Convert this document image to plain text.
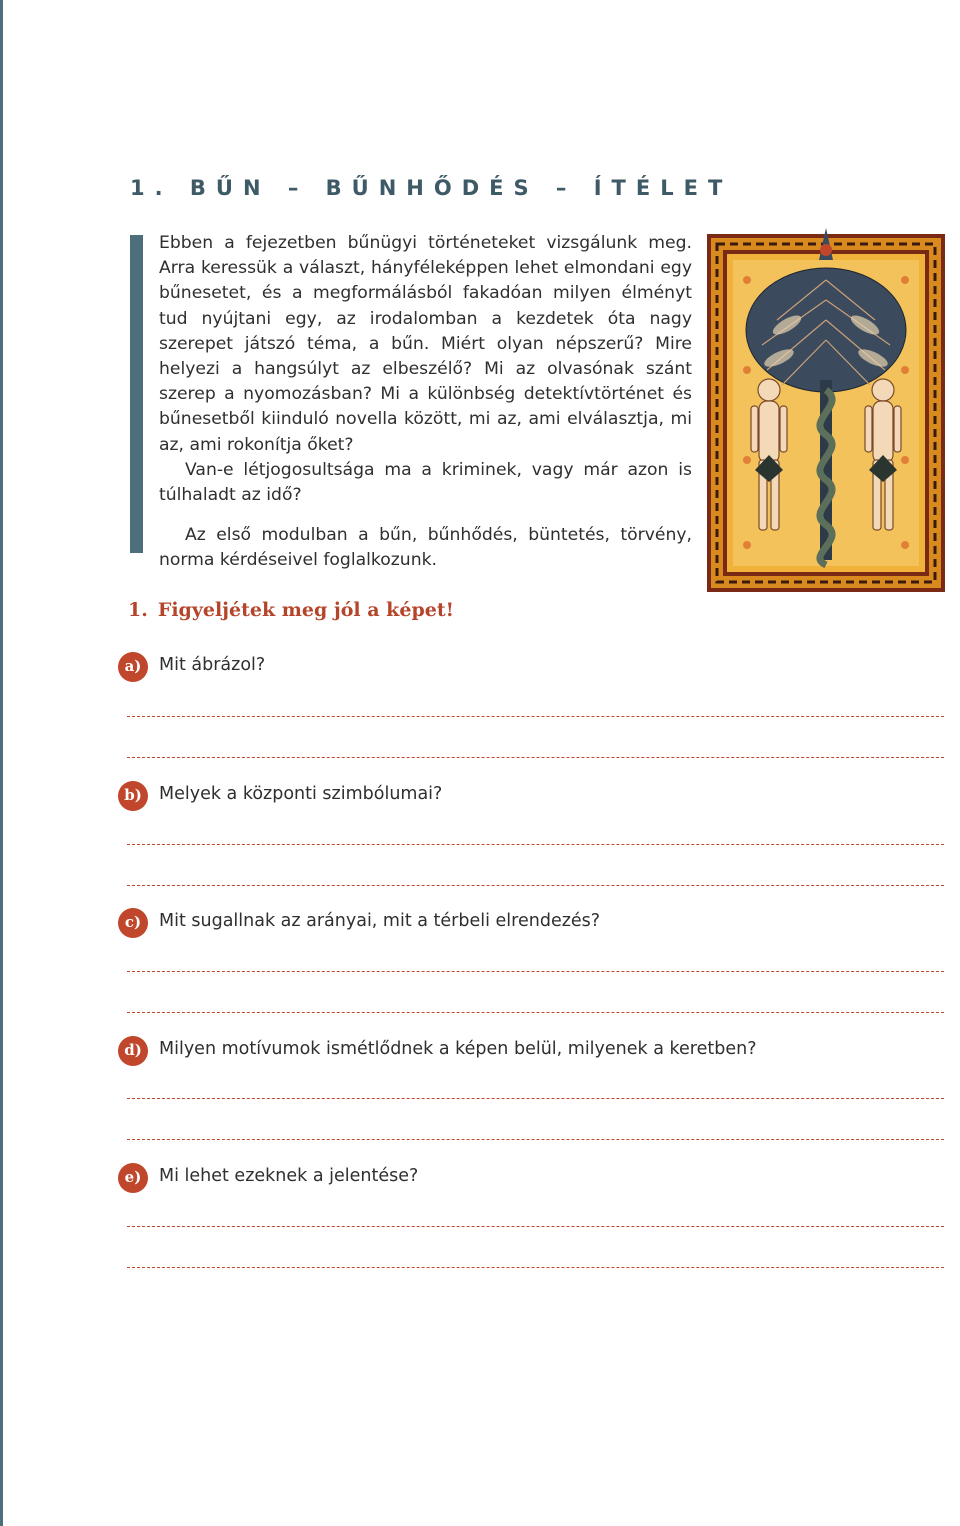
1. BŰN – BŰNHŐDÉS – ÍTÉLET

Ebben a fejezetben bűnügyi történeteket vizsgálunk meg. Arra keressük a választ, hányféleképpen lehet elmondani egy bűnesetet, és a megformálásból fakadóan milyen élményt tud nyújtani egy, az irodalomban a kezdetek óta nagy szerepet játszó téma, a bűn. Miért olyan népszerű? Mire helyezi a hangsúlyt az elbeszélő? Mi az olvasónak szánt szerep a nyomozásban? Mi a különbség detektívtörténet és bűnesetből kiinduló novella között, mi az, ami elválasztja, mi az, ami rokonítja őket?

Van-e létjogosultsága ma a kriminek, vagy már azon is túlhaladt az idő?

Az első modulban a bűn, bűnhődés, büntetés, törvény, norma kérdéseivel foglalkozunk.

1. Figyeljétek meg jól a képet!
a)	Mit ábrázol?
b) Melyek a központi szimbólumai?
c)	Mit sugallnak az arányai, mit a térbeli elrendezés?
d) Milyen motívumok ismétlődnek a képen belül, milyenek a keretben?
e)	Mi lehet ezeknek a jelentése?
